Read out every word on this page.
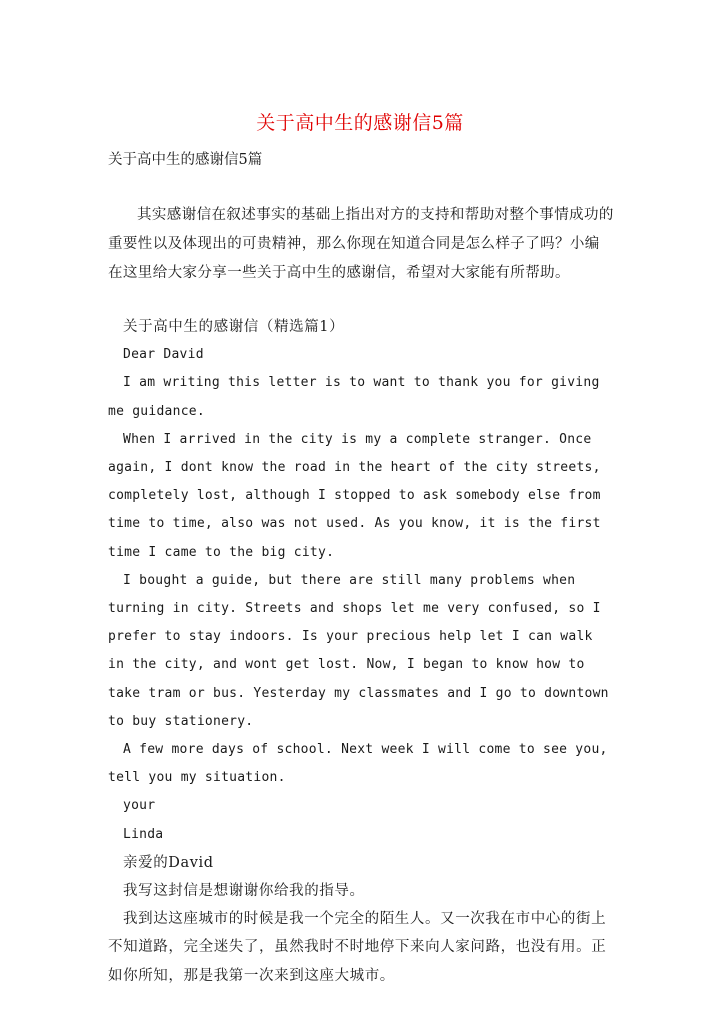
关于高中生的感谢信5篇

关于高中生的感谢信5篇

其实感谢信在叙述事实的基础上指出对方的支持和帮助对整个事情成功的重要性以及体现出的可贵精神，那么你现在知道合同是怎么样子了吗？小编在这里给大家分享一些关于高中生的感谢信，希望对大家能有所帮助。

关于高中生的感谢信（精选篇1）

Dear David

I am writing this letter is to want to thank you for giving me guidance.

When I arrived in the city is my a complete stranger. Once again, I dont know the road in the heart of the city streets, completely lost, although I stopped to ask somebody else from time to time, also was not used. As you know, it is the first time I came to the big city.

I bought a guide, but there are still many problems when turning in city. Streets and shops let me very confused, so I prefer to stay indoors. Is your precious help let I can walk in the city, and wont get lost. Now, I began to know how to take tram or bus. Yesterday my classmates and I go to downtown to buy stationery.

A few more days of school. Next week I will come to see you, tell you my situation.

your

Linda

亲爱的David

我写这封信是想谢谢你给我的指导。

我到达这座城市的时候是我一个完全的陌生人。又一次我在市中心的街上不知道路，完全迷失了，虽然我时不时地停下来向人家问路，也没有用。正如你所知，那是我第一次来到这座大城市。
